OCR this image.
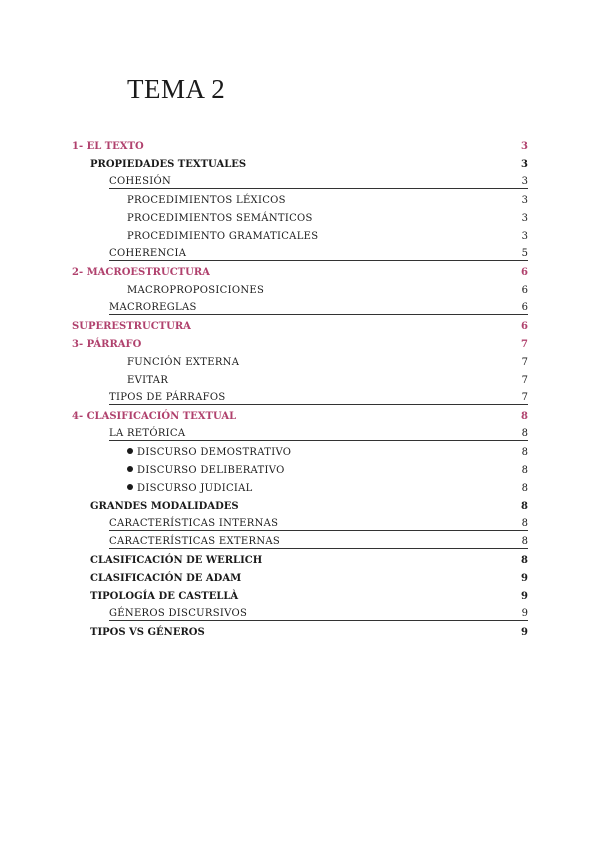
TEMA 2
1- EL TEXTO	3
PROPIEDADES TEXTUALES	3
COHESIÓN	3
PROCEDIMIENTOS LÉXICOS	3
PROCEDIMIENTOS SEMÁNTICOS	3
PROCEDIMIENTO GRAMATICALES	3
COHERENCIA	5
2- MACROESTRUCTURA	6
MACROPROPOSICIONES	6
MACROREGLAS	6
SUPERESTRUCTURA	6
3- PÁRRAFO	7
FUNCIÓN EXTERNA	7
EVITAR	7
TIPOS DE PÁRRAFOS	7
4- CLASIFICACIÓN TEXTUAL	8
LA RETÓRICA	8
DISCURSO DEMOSTRATIVO	8
DISCURSO DELIBERATIVO	8
DISCURSO JUDICIAL	8
GRANDES MODALIDADES	8
CARACTERÍSTICAS INTERNAS	8
CARACTERÍSTICAS EXTERNAS	8
CLASIFICACIÓN DE WERLICH	8
CLASIFICACIÓN DE ADAM	9
TIPOLOGÍA DE CASTELLÀ	9
GÉNEROS DISCURSIVOS	9
TIPOS VS GÉNEROS	9
